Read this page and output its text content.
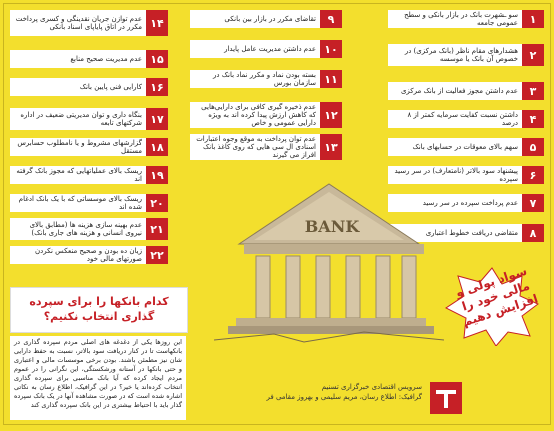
۱
سو ـشهرت بانک در بازار بانکی و سطح عمومی جامعه
۲
هشدارهای مقام ناظر (بانک مرکزی) در خصوص آن بانک یا موسسه
۳
عدم داشتن مجوز فعالیت از بانک مرکزی
۴
داشتن نسبت کفایت سرمایه کمتر از ۸ درصد
۵
سهم بالای معوقات در حسابهای بانک
۶
پیشنهاد سود بالاتر (نامتعارف) در سر رسید سپرده
۷
عدم پرداخت سپرده در سر رسید
۸
متقاضی دریافت خطوط اعتباری
۹
تقاضای مکرر در بازار بین بانکی
۱۰
عدم داشتن مدیریت عامل پایدار
۱۱
بسته بودن نماد و مکرر نماد بانک در سازمان بورس
۱۲
عدم ذخیره گیری کافی برای دارایی‌هایی که کاهش ارزش پیدا کرده اند به ویژه دارایی عمومی و خاص
۱۳
عدم توان پرداخت به موقع وجوه اعتبارات اسنادی ال سی هایی که روی کاغذ بانک افراز می گیرند
۱۴
عدم توازن جریان نقدینگی و کسری پرداخت مکرر در اتاق پایاپای اسناد بانکی
۱۵
عدم مدیریت صحیح منابع
۱۶
کارایی فنی پایین بانک
۱۷
بنگاه داری و توان مدیریتی ضعیف در اداره شرکتهای تابعه
۱۸
گزارشهای مشروط و یا نامطلوب حسابرس مستقل
۱۹
ریسک بالای عملیاتهایی که مجوز بانک گرفته اند
۲۰
ریسک بالای موسساتی که با یک بانک ادغام شده اند
۲۱
عدم بهینه سازی هزینه ها (مطابق بالای نیروی انسانی و هزینه های جاری بانک)
۲۲
زیان ده بودن و صحیح منعکس نکردن صورتهای مالی خود
BANK
سواد پولی و مالی خود را افزایش دهیم
کدام بانکها را برای سپرده گذاری انتخاب نکنیم؟
این روزها یکی از دغدغه های اصلی مردم سپرده گذاری در بانکهاست تا در کنار دریافت سود بالاتر، نسبت به حفظ دارایی شان نیز مطمئن باشند. بودن برخی موسسات مالی و اعتباری و حتی بانکها در آستانه ورشکستگی، این نگرانی را در عموم مردم ایجاد کرده که آیا بانک مناسبی برای سپرده گذاری انتخاب کرده‌اند یا خیر؟ در این گرافیک، اطلاع رسان به نکاتی اشاره شده است که در صورت مشاهده آنها در یک بانک سپرده گذار باید با احتیاط بیشتری در این بانک سپرده گذاری کند
سرویس اقتصادی خبرگزاری تسنیم
گرافیک: اطلاع رسان، مریم سلیمی و بهروز مقامی فر
